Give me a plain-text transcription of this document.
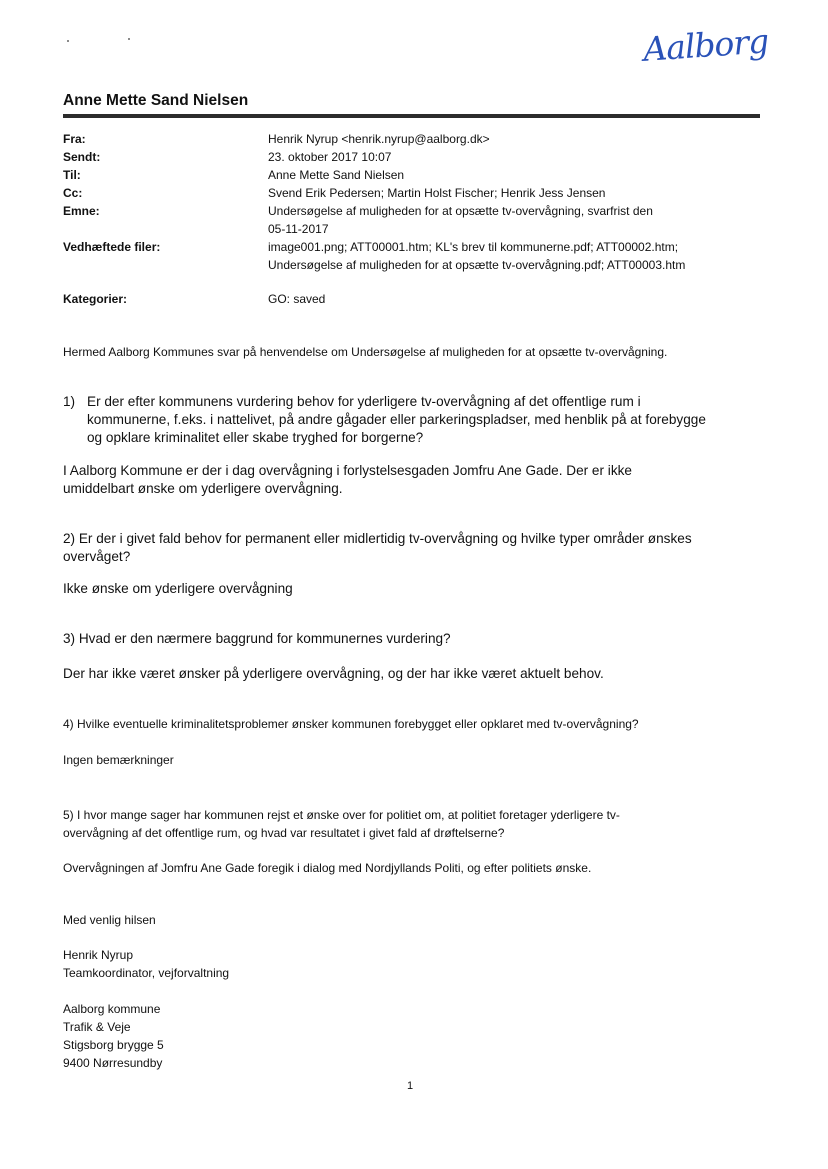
Aalborg
Anne Mette Sand Nielsen
Fra:	Henrik Nyrup <henrik.nyrup@aalborg.dk>
Sendt:	23. oktober 2017 10:07
Til:	Anne Mette Sand Nielsen
Cc:	Svend Erik Pedersen; Martin Holst Fischer; Henrik Jess Jensen
Emne:	Undersøgelse af muligheden for at opsætte tv-overvågning, svarfrist den
05-11-2017
Vedhæftede filer:	image001.png; ATT00001.htm; KL's brev til kommunerne.pdf; ATT00002.htm;
Undersøgelse af muligheden for at opsætte tv-overvågning.pdf; ATT00003.htm
Kategorier:	GO: saved
Hermed Aalborg Kommunes svar på henvendelse om Undersøgelse af muligheden for at opsætte tv-overvågning.
1) Er der efter kommunens vurdering behov for yderligere tv-overvågning af det offentlige rum i
kommunerne, f.eks. i nattelivet, på andre gågader eller parkeringspladser, med henblik på at forebygge
og opklare kriminalitet eller skabe tryghed for borgerne?
I Aalborg Kommune er der i dag overvågning i forlystelsesgaden Jomfru Ane Gade. Der er ikke
umiddelbart ønske om yderligere overvågning.
2) Er der i givet fald behov for permanent eller midlertidig tv-overvågning og hvilke typer områder ønskes
overvåget?
Ikke ønske om yderligere overvågning
3) Hvad er den nærmere baggrund for kommunernes vurdering?
Der har ikke været ønsker på yderligere overvågning, og der har ikke været aktuelt behov.
4) Hvilke eventuelle kriminalitetsproblemer ønsker kommunen forebygget eller opklaret med tv-overvågning?
Ingen bemærkninger
5) I hvor mange sager har kommunen rejst et ønske over for politiet om, at politiet foretager yderligere tv-
overvågning af det offentlige rum, og hvad var resultatet i givet fald af drøftelserne?
Overvågningen af Jomfru Ane Gade foregik i dialog med Nordjyllands Politi, og efter politiets ønske.
Med venlig hilsen
Henrik Nyrup
Teamkoordinator, vejforvaltning
Aalborg kommune
Trafik & Veje
Stigsborg brygge 5
9400 Nørresundby
1
